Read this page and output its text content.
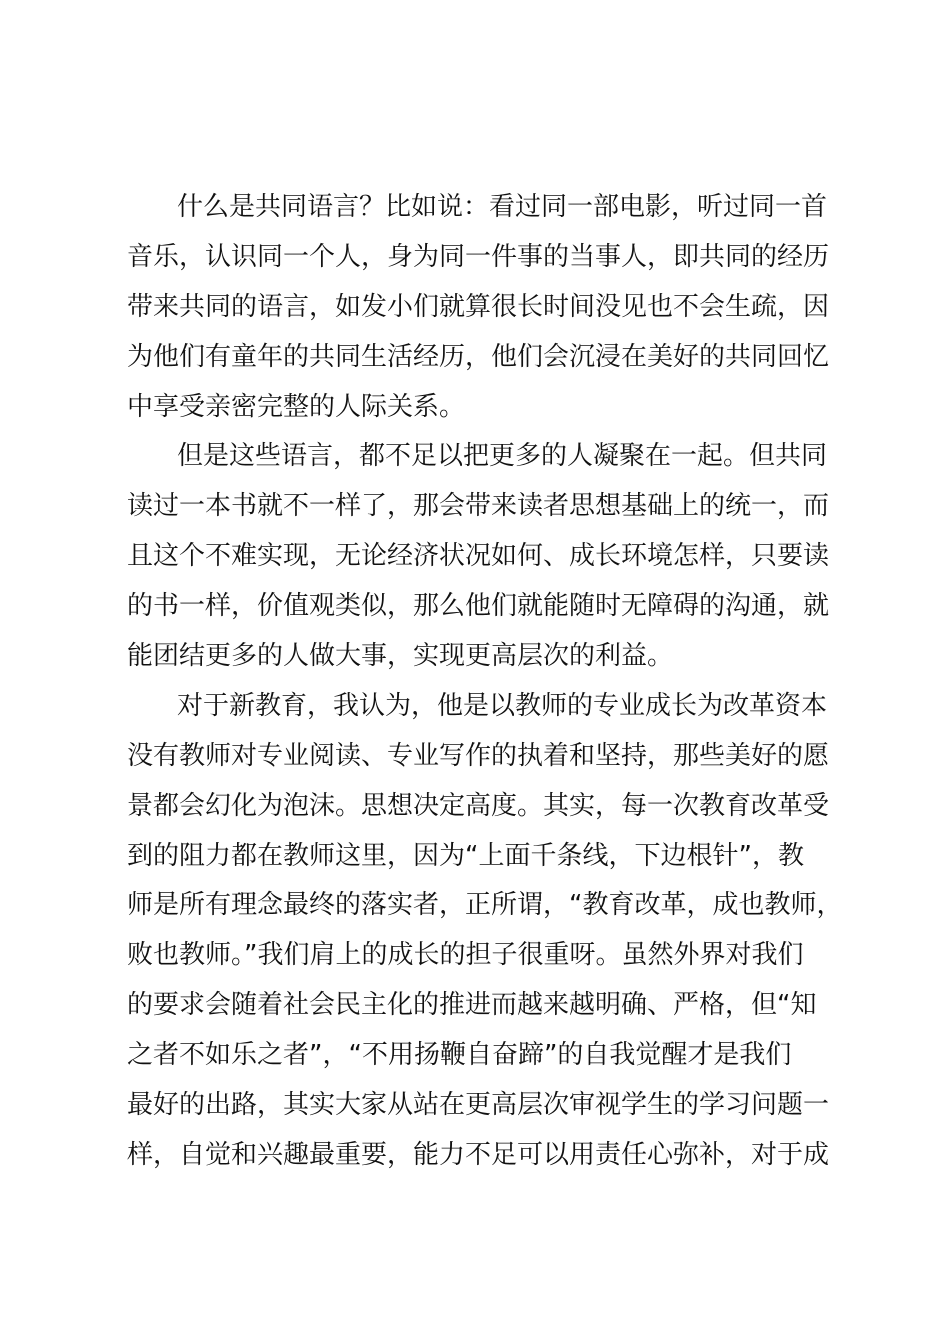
什么是共同语言？比如说：看过同一部电影，听过同一首
音乐，认识同一个人，身为同一件事的当事人，即共同的经历
带来共同的语言，如发小们就算很长时间没见也不会生疏，因
为他们有童年的共同生活经历，他们会沉浸在美好的共同回忆
中享受亲密完整的人际关系。
但是这些语言，都不足以把更多的人凝聚在一起。但共同
读过一本书就不一样了，那会带来读者思想基础上的统一，而
且这个不难实现，无论经济状况如何、成长环境怎样，只要读
的书一样，价值观类似，那么他们就能随时无障碍的沟通，就
能团结更多的人做大事，实现更高层次的利益。
对于新教育，我认为，他是以教师的专业成长为改革资本
没有教师对专业阅读、专业写作的执着和坚持，那些美好的愿
景都会幻化为泡沫。思想决定高度。其实，每一次教育改革受
到的阻力都在教师这里，因为“上面千条线，下边根针”，教
师是所有理念最终的落实者，正所谓，“教育改革，成也教师，
败也教师。”我们肩上的成长的担子很重呀。虽然外界对我们
的要求会随着社会民主化的推进而越来越明确、严格，但“知
之者不如乐之者”，“不用扬鞭自奋蹄”的自我觉醒才是我们
最好的出路，其实大家从站在更高层次审视学生的学习问题一
样，自觉和兴趣最重要，能力不足可以用责任心弥补，对于成
